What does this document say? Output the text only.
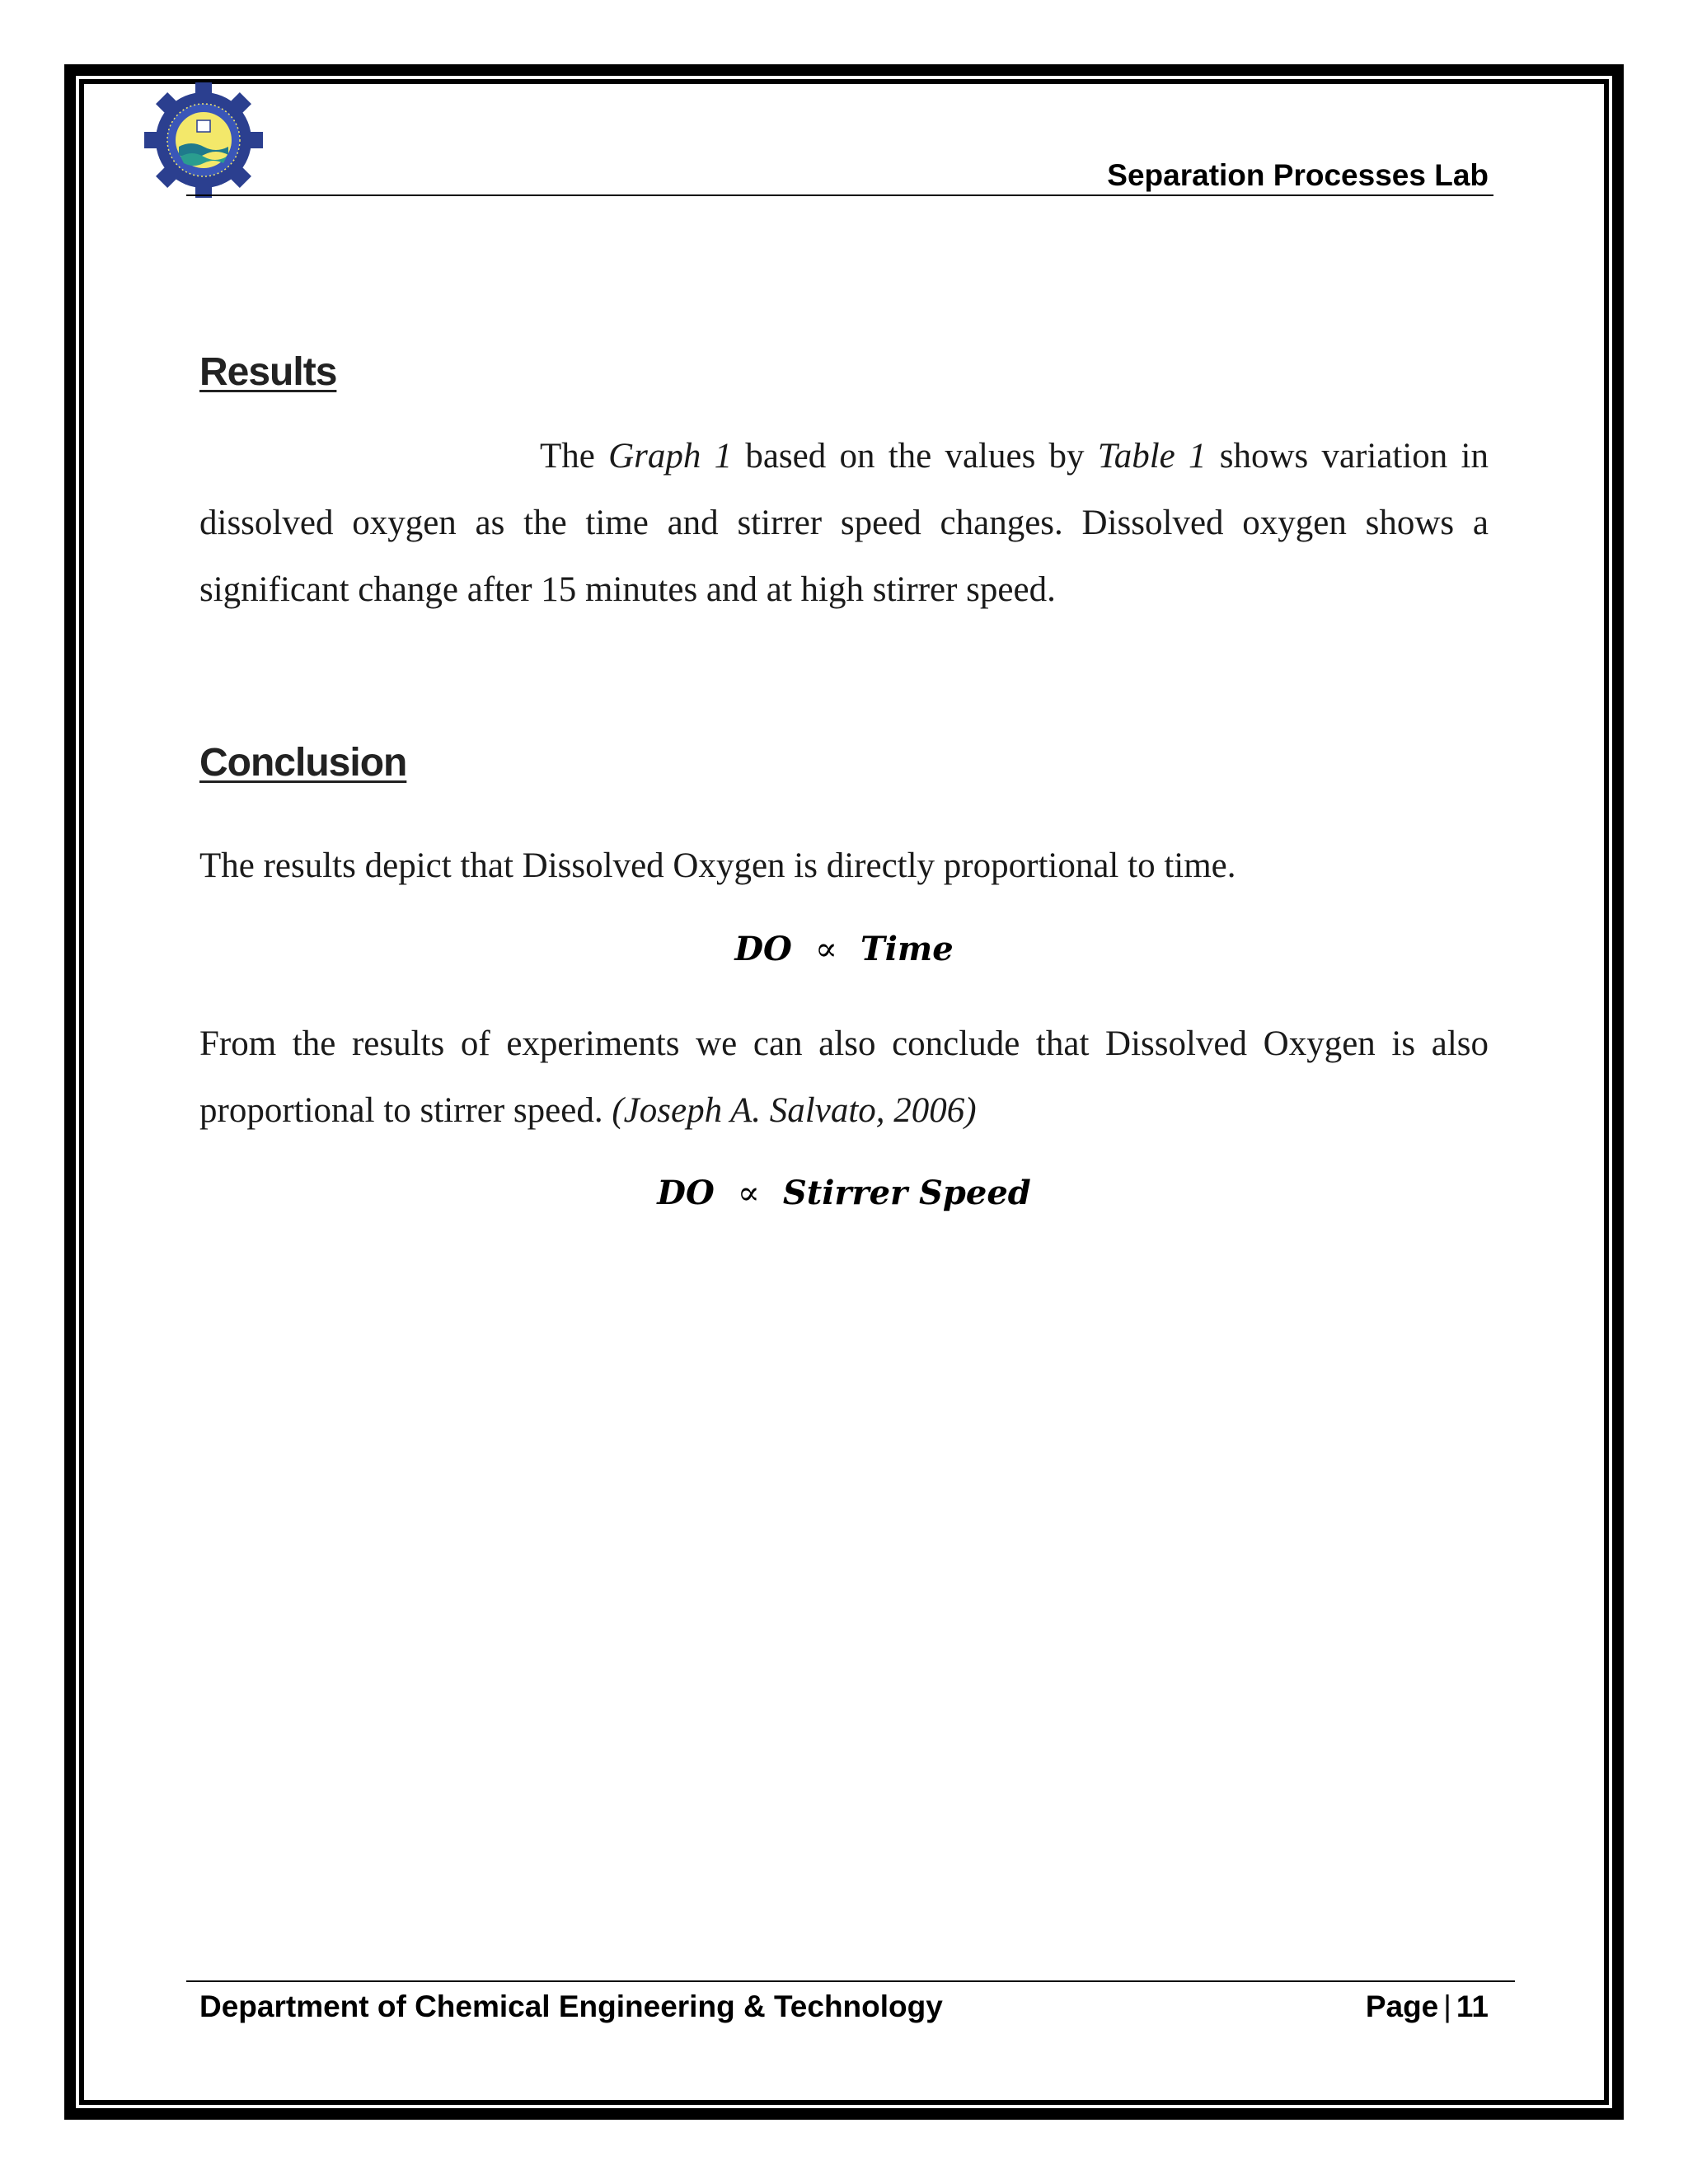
Separation Processes Lab
Results
The Graph 1 based on the values by Table 1 shows variation in dissolved oxygen as the time and stirrer speed changes. Dissolved oxygen shows a significant change after 15 minutes and at high stirrer speed.
Conclusion
The results depict that Dissolved Oxygen is directly proportional to time.
DO ∝ Time
From the results of experiments we can also conclude that Dissolved Oxygen is also proportional to stirrer speed. (Joseph A. Salvato, 2006)
DO ∝ Stirrer Speed
Department of Chemical Engineering & Technology	Page | 11
